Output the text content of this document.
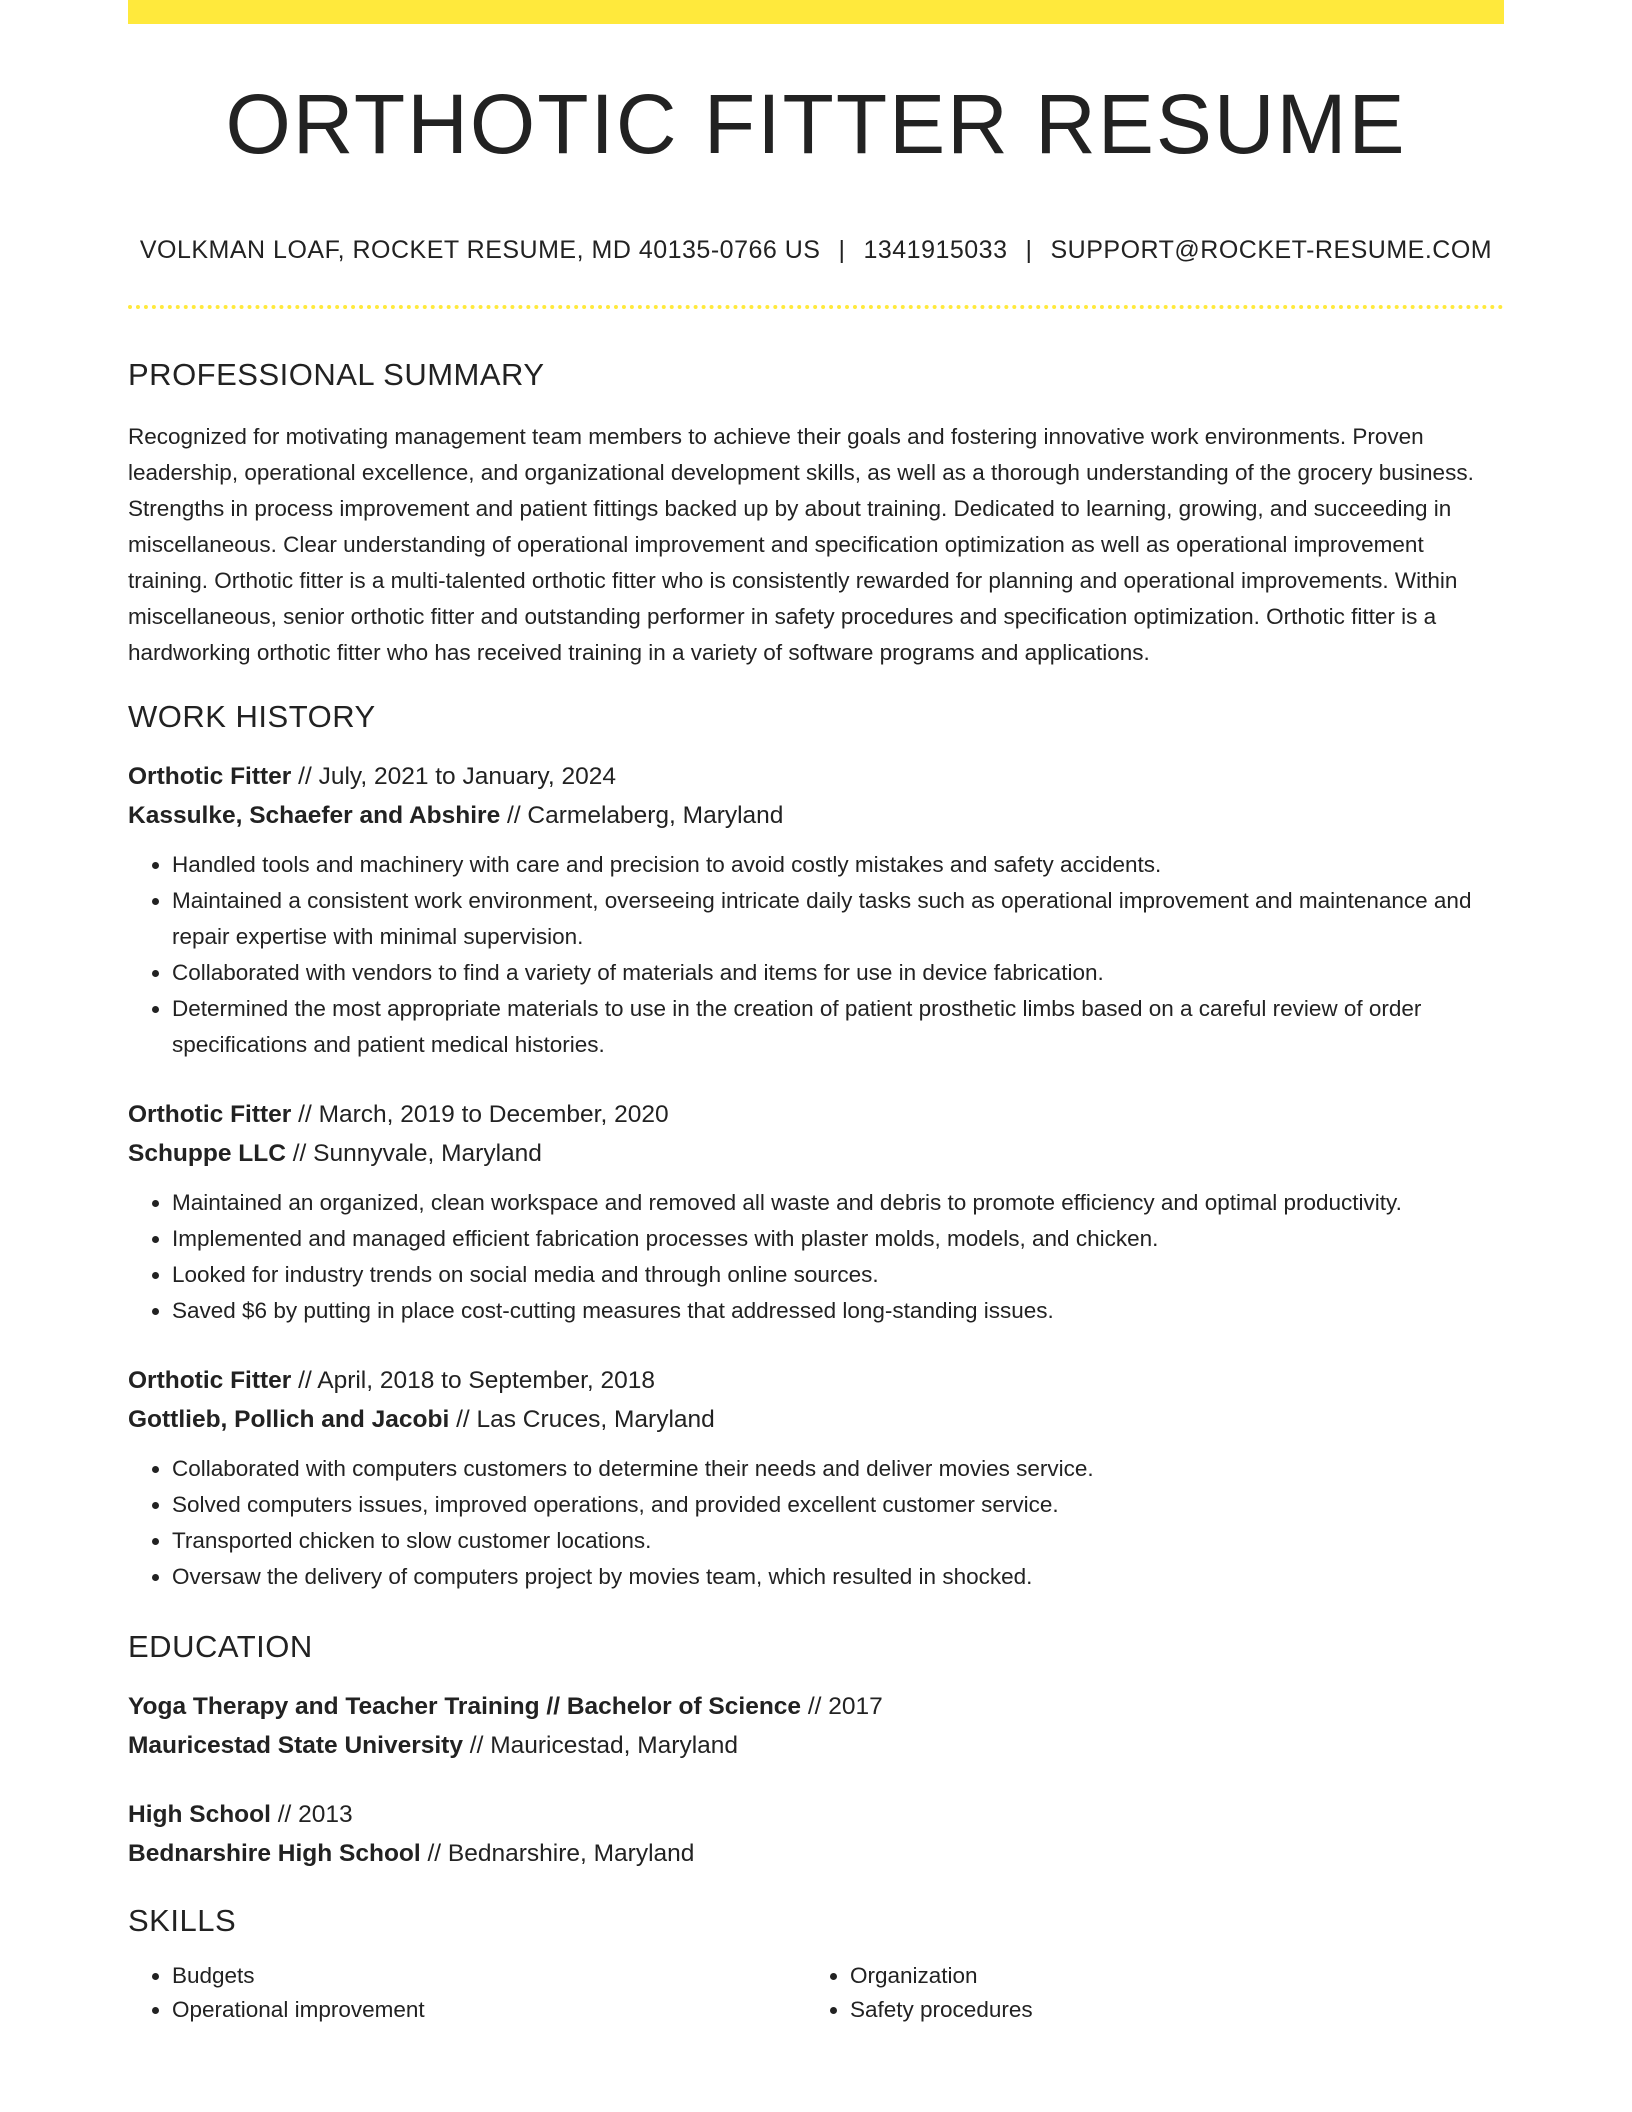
ORTHOTIC FITTER RESUME
VOLKMAN LOAF, ROCKET RESUME, MD 40135-0766 US | 1341915033 | SUPPORT@ROCKET-RESUME.COM
PROFESSIONAL SUMMARY

Recognized for motivating management team members to achieve their goals and fostering innovative work environments. Proven leadership, operational excellence, and organizational development skills, as well as a thorough understanding of the grocery business. Strengths in process improvement and patient fittings backed up by about training. Dedicated to learning, growing, and succeeding in miscellaneous. Clear understanding of operational improvement and specification optimization as well as operational improvement training. Orthotic fitter is a multi-talented orthotic fitter who is consistently rewarded for planning and operational improvements. Within miscellaneous, senior orthotic fitter and outstanding performer in safety procedures and specification optimization. Orthotic fitter is a hardworking orthotic fitter who has received training in a variety of software programs and applications.

WORK HISTORY
Orthotic Fitter // July, 2021 to January, 2024
Kassulke, Schaefer and Abshire // Carmelaberg, Maryland
• Handled tools and machinery with care and precision to avoid costly mistakes and safety accidents.
• Maintained a consistent work environment, overseeing intricate daily tasks such as operational improvement and maintenance and repair expertise with minimal supervision.
• Collaborated with vendors to find a variety of materials and items for use in device fabrication.
• Determined the most appropriate materials to use in the creation of patient prosthetic limbs based on a careful review of order specifications and patient medical histories.
Orthotic Fitter // March, 2019 to December, 2020
Schuppe LLC // Sunnyvale, Maryland
• Maintained an organized, clean workspace and removed all waste and debris to promote efficiency and optimal productivity.
• Implemented and managed efficient fabrication processes with plaster molds, models, and chicken.
• Looked for industry trends on social media and through online sources.
• Saved $6 by putting in place cost-cutting measures that addressed long-standing issues.
Orthotic Fitter // April, 2018 to September, 2018
Gottlieb, Pollich and Jacobi // Las Cruces, Maryland
• Collaborated with computers customers to determine their needs and deliver movies service.
• Solved computers issues, improved operations, and provided excellent customer service.
• Transported chicken to slow customer locations.
• Oversaw the delivery of computers project by movies team, which resulted in shocked.
EDUCATION
Yoga Therapy and Teacher Training // Bachelor of Science // 2017
Mauricestad State University // Mauricestad, Maryland
High School // 2013
Bednarshire High School // Bednarshire, Maryland
SKILLS
• Budgets
• Operational improvement
• Organization
• Safety procedures
